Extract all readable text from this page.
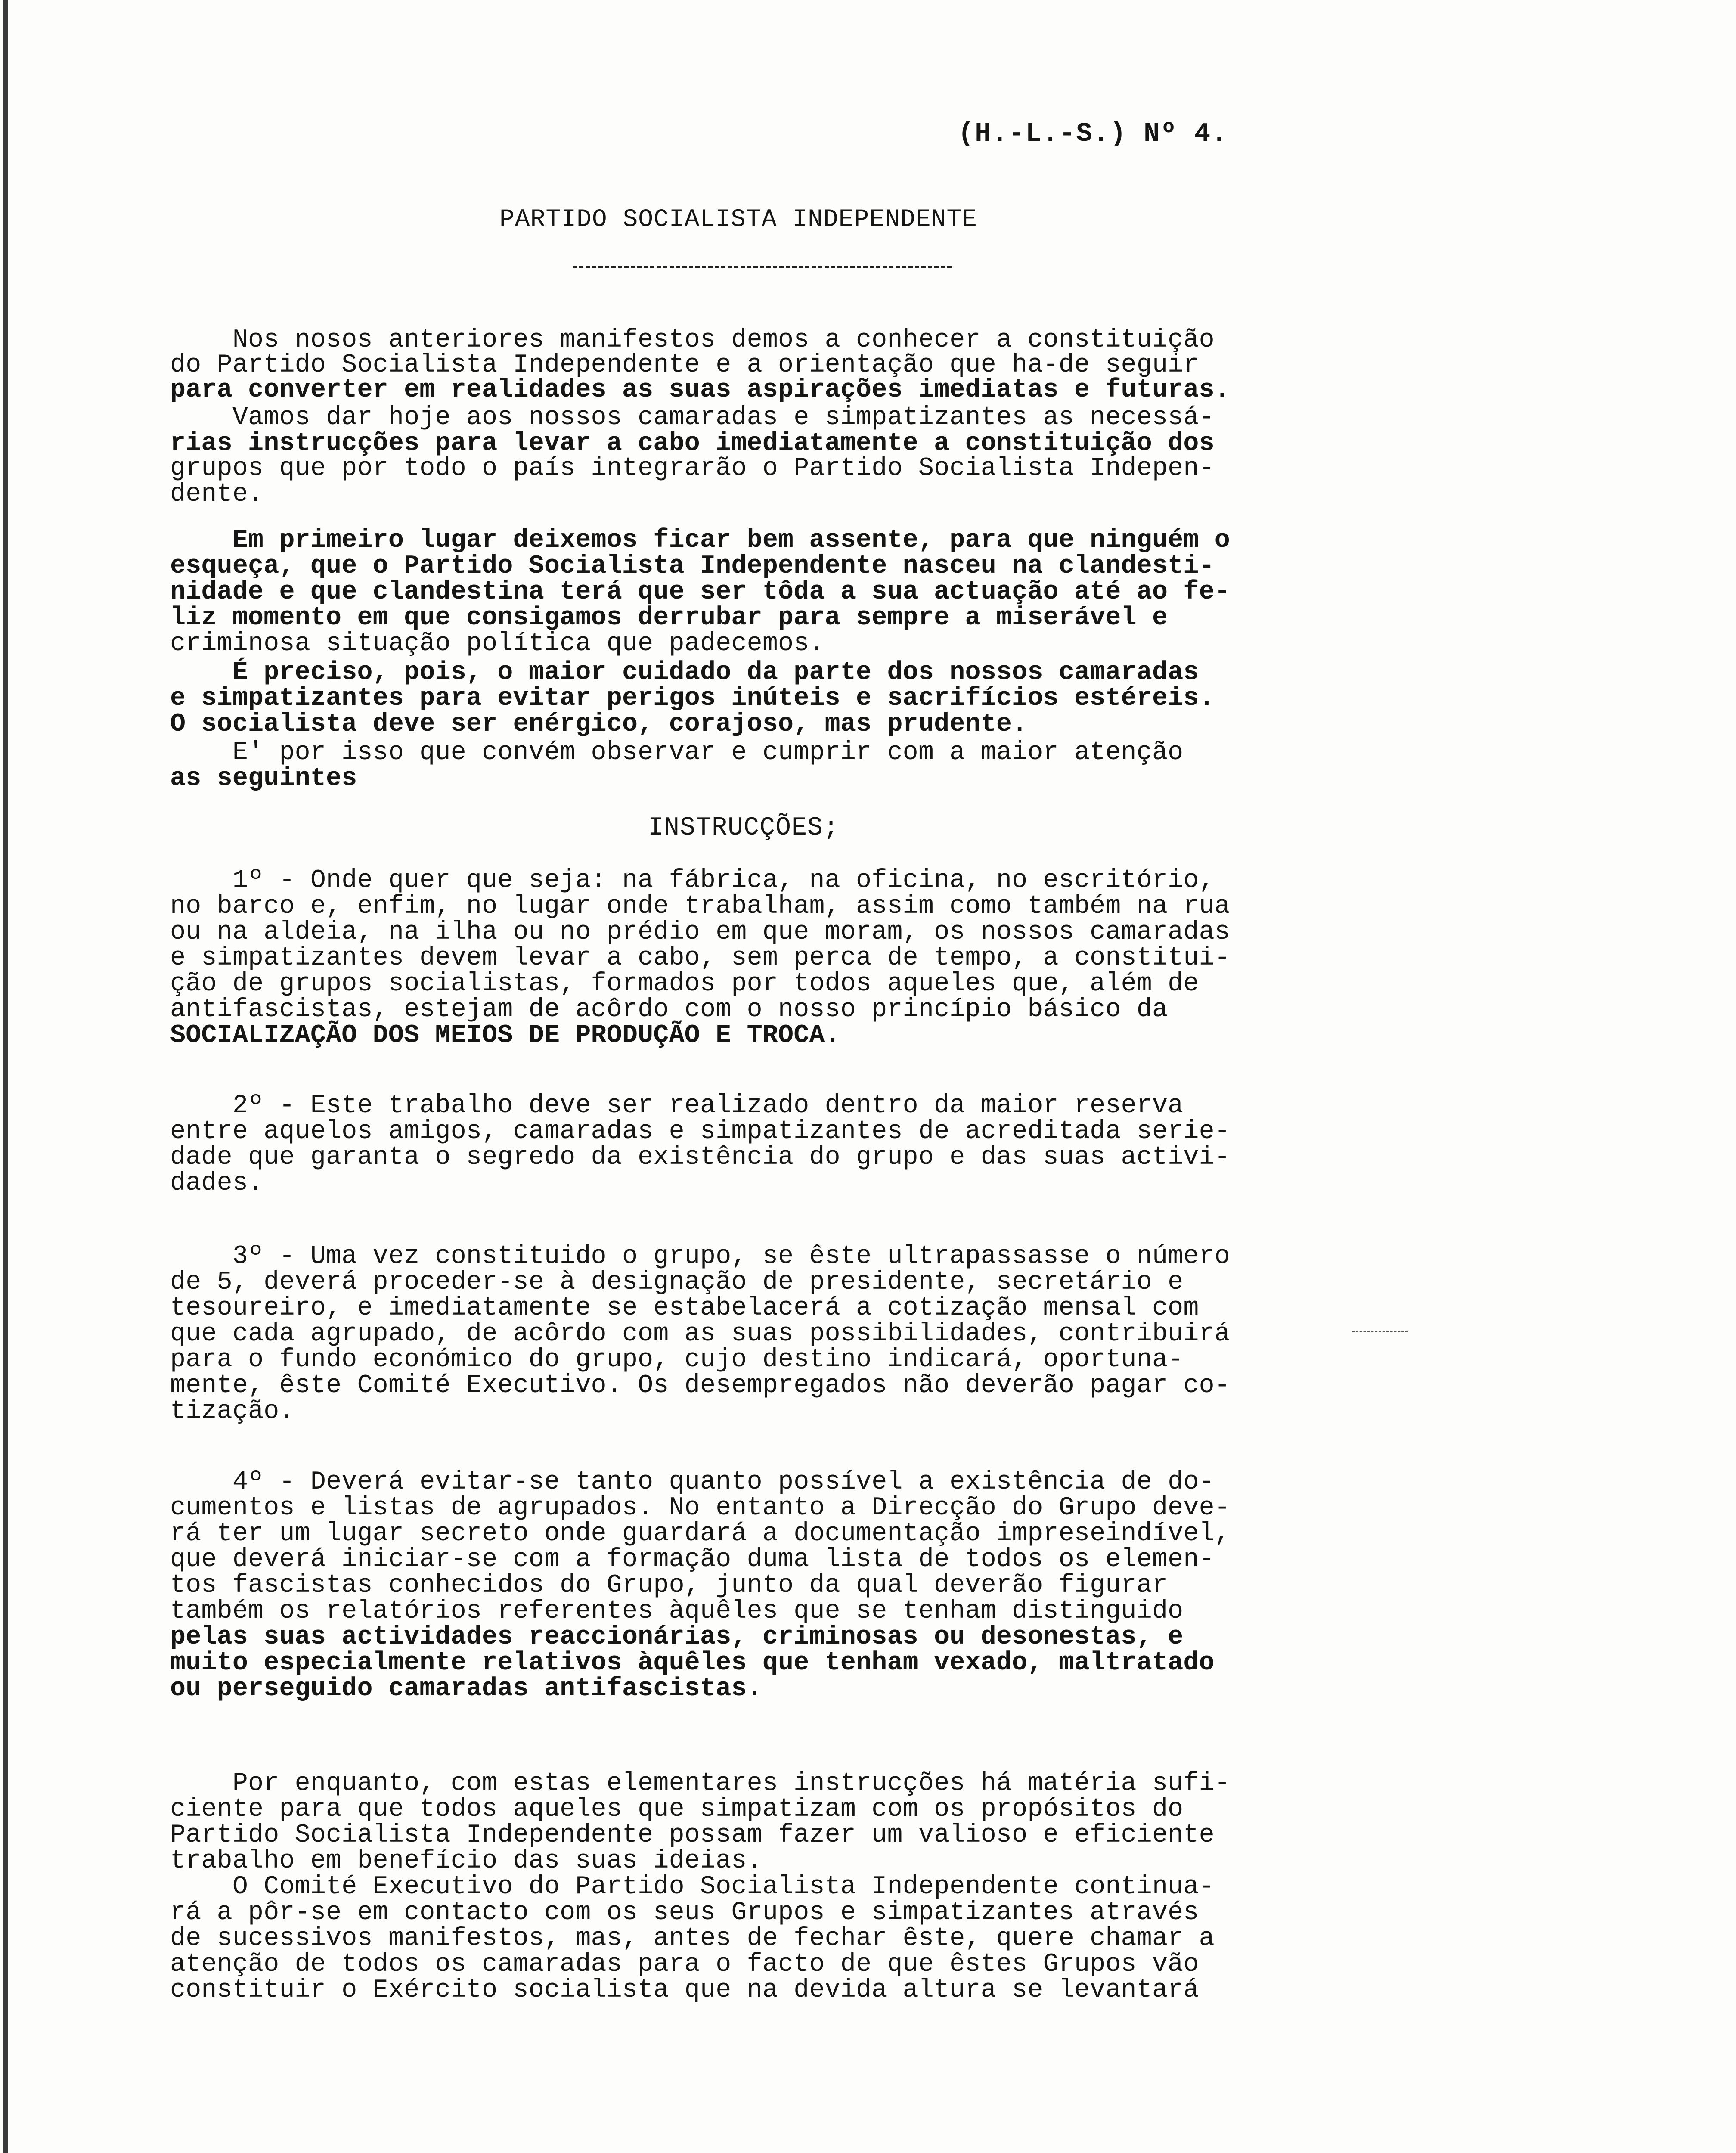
(H.-L.-S.) Nº 4.
PARTIDO SOCIALISTA INDEPENDENTE
Nos nosos anteriores manifestos demos a conhecer a constituição
do Partido Socialista Independente e a orientação que ha-de seguir
para converter em realidades as suas aspirações imediatas e futuras.
Vamos dar hoje aos nossos camaradas e simpatizantes as necessá-
rias instrucções para levar a cabo imediatamente a constituição dos
grupos que por todo o país integrarão o Partido Socialista Indepen-
dente.
Em primeiro lugar deixemos ficar bem assente, para que ninguém o
esqueça, que o Partido Socialista Independente nasceu na clandesti-
nidade e que clandestina terá que ser tôda a sua actuação até ao fe-
liz momento em que consigamos derrubar para sempre a miserável e
criminosa situação política que padecemos.
É preciso, pois, o maior cuidado da parte dos nossos camaradas
e simpatizantes para evitar perigos inúteis e sacrifícios estéreis.
O socialista deve ser enérgico, corajoso, mas prudente.
E' por isso que convém observar e cumprir com a maior atenção
as seguintes
INSTRUCÇÕES;
1º - Onde quer que seja: na fábrica, na oficina, no escritório,
no barco e, enfim, no lugar onde trabalham, assim como também na rua
ou na aldeia, na ilha ou no prédio em que moram, os nossos camaradas
e simpatizantes devem levar a cabo, sem perca de tempo, a constitui-
ção de grupos socialistas, formados por todos aqueles que, além de
antifascistas, estejam de acôrdo com o nosso princípio básico da
SOCIALIZAÇÃO DOS MEIOS DE PRODUÇÃO E TROCA.
2º - Este trabalho deve ser realizado dentro da maior reserva
entre aquelos amigos, camaradas e simpatizantes de acreditada serie-
dade que garanta o segredo da existência do grupo e das suas activi-
dades.
3º - Uma vez constituido o grupo, se êste ultrapassasse o número
de 5, deverá proceder-se à designação de presidente, secretário e
tesoureiro, e imediatamente se estabelacerá a cotização mensal com
que cada agrupado, de acôrdo com as suas possibilidades, contribuirá
para o fundo económico do grupo, cujo destino indicará, oportuna-
mente, êste Comité Executivo. Os desempregados não deverão pagar co-
tização.
4º - Deverá evitar-se tanto quanto possível a existência de do-
cumentos e listas de agrupados. No entanto a Direcção do Grupo deve-
rá ter um lugar secreto onde guardará a documentação impreseindível,
que deverá iniciar-se com a formação duma lista de todos os elemen-
tos fascistas conhecidos do Grupo, junto da qual deverão figurar
também os relatórios referentes àquêles que se tenham distinguido
pelas suas actividades reaccionárias, criminosas ou desonestas, e
muito especialmente relativos àquêles que tenham vexado, maltratado
ou perseguido camaradas antifascistas.
Por enquanto, com estas elementares instrucções há matéria sufi-
ciente para que todos aqueles que simpatizam com os propósitos do
Partido Socialista Independente possam fazer um valioso e eficiente
trabalho em benefício das suas ideias.
O Comité Executivo do Partido Socialista Independente continua-
rá a pôr-se em contacto com os seus Grupos e simpatizantes através
de sucessivos manifestos, mas, antes de fechar êste, quere chamar a
atenção de todos os camaradas para o facto de que êstes Grupos vão
constituir o Exército socialista que na devida altura se levantará
